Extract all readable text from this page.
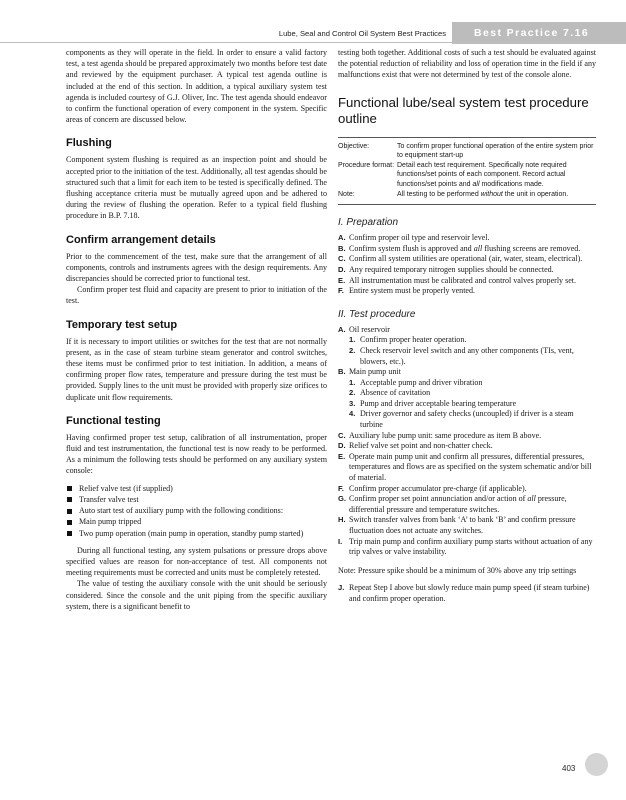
Best Practice 7.16
Lube, Seal and Control Oil System Best Practices

components as they will operate in the field. In order to ensure a valid factory test, a test agenda should be prepared approximately two months before test date and reviewed by the equipment purchaser. A typical test agenda outline is included at the end of this section. In addition, a typical auxiliary system test agenda is included courtesy of G.J. Oliver, Inc. The test agenda should endeavor to confirm the functional operation of every component in the system. Specific areas of concern are discussed below.

Flushing

Component system flushing is required as an inspection point and should be accepted prior to the initiation of the test. Additionally, all test agendas should be structured such that a limit for each item to be tested is specifically defined. The flushing acceptance criteria must be mutually agreed upon and be adhered to during the review of flushing the operation. Refer to a typical field flushing procedure in B.P. 7.18.

Confirm arrangement details

Prior to the commencement of the test, make sure that the arrangement of all components, controls and instruments agrees with the design requirements. Any discrepancies should be corrected prior to functional test.

Confirm proper test fluid and capacity are present to prior to initiation of the test.

Temporary test setup

If it is necessary to import utilities or switches for the test that are not normally present, as in the case of steam turbine steam generator and control switches, these items must be confirmed prior to test initiation. In addition, a means of confirming proper flow rates, temperature and pressure during the test must be provided. Supply lines to the unit must be provided with properly size orifices to duplicate unit flow requirements.

Functional testing

Having confirmed proper test setup, calibration of all instrumentation, proper fluid and test instrumentation, the functional test is now ready to be performed. As a minimum the following tests should be performed on any auxiliary system console:

Relief valve test (if supplied)
Transfer valve test
Auto start test of auxiliary pump with the following conditions:
Main pump tripped
Two pump operation (main pump in operation, standby pump started)

During all functional testing, any system pulsations or pressure drops above specified values are reason for non-acceptance of test. All components not meeting requirements must be corrected and units must be completely retested.

The value of testing the auxiliary console with the unit should be seriously considered. Since the console and the unit piping from the specific auxiliary system, there is a significant benefit to

testing both together. Additional costs of such a test should be evaluated against the potential reduction of reliability and loss of operation time in the field if any malfunctions exist that were not determined by test of the console alone.

Functional lube/seal system test procedure outline
Objective:	To confirm proper functional operation of the entire system prior to equipment start-up
Procedure format: Detail each test requirement. Specifically note required functions/set points of each component. Record actual functions/set points and all modifications made.
Note:	All testing to be performed without the unit in operation.
I. Preparation
A. Confirm proper oil type and reservoir level.
B. Confirm system flush is approved and all flushing screens are removed.
C. Confirm all system utilities are operational (air, water, steam, electrical).
D. Any required temporary nitrogen supplies should be connected.
E. All instrumentation must be calibrated and control valves properly set.
F. Entire system must be properly vented.
II. Test procedure
A. Oil reservoir
1. Confirm proper heater operation.
2. Check reservoir level switch and any other components (TIs, vent, blowers, etc.).
B. Main pump unit
1. Acceptable pump and driver vibration
2. Absence of cavitation
3. Pump and driver acceptable bearing temperature
4. Driver governor and safety checks (uncoupled) if driver is a steam turbine
C. Auxiliary lube pump unit: same procedure as item B above.
D. Relief valve set point and non-chatter check.
E. Operate main pump unit and confirm all pressures, differential pressures, temperatures and flows are as specified on the system schematic and/or bill of material.
F. Confirm proper accumulator pre-charge (if applicable).
G. Confirm proper set point annunciation and/or action of all pressure, differential pressure and temperature switches.
H. Switch transfer valves from bank ‘A’ to bank ‘B’ and confirm pressure fluctuation does not actuate any switches.
I. Trip main pump and confirm auxiliary pump starts without actuation of any trip valves or valve instability.
Note: Pressure spike should be a minimum of 30% above any trip settings
J. Repeat Step I above but slowly reduce main pump speed (if steam turbine) and confirm proper operation.
403
